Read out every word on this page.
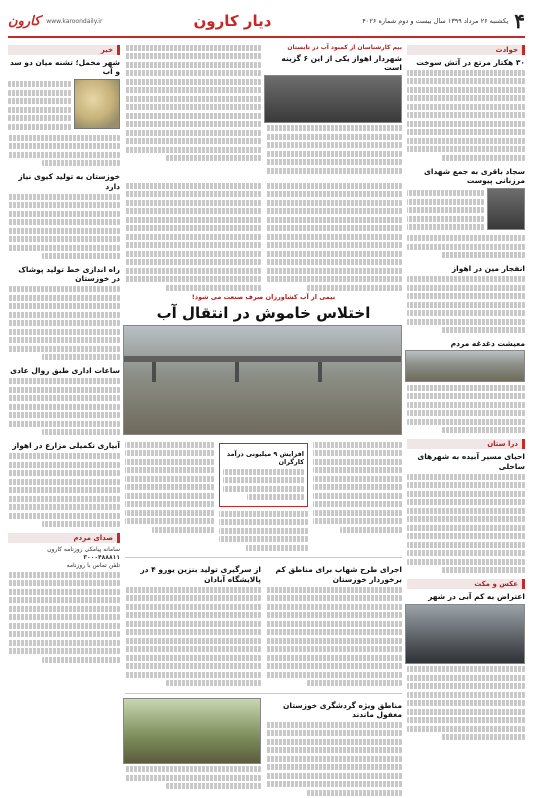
۴
یکشنبه ۲۶ مرداد ۱۳۹۹ سال بیست و دوم شماره ۴۰۲۶
دیار کارون
www.karoondaily.ir
کارون
حوادث
۳۰ هکتار مرتع در آتش سوخت
سجاد باقری به جمع شهدای مرزبانی پیوست
انفجار مین در اهواز
معیشت دغدغه مردم
درا ستان
احیای مسیر آبیده به شهرهای ساحلی
عکس و مکث
اعتراض به کم آبی در شهر
بیم کارشناسان از کمبود آب در تابستان
شهردار اهواز یکی از این ۶ گزینه است
نیمی از آب کشاورزان صرف صنعت می شود!
اختلاس خاموش در انتقال آب
افزایش ۹ میلیونی درآمد کارگران
اجرای طرح شهاب برای مناطق کم برخوردار خوزستان
از سرگیری تولید بنزین یورو ۴ در پالایشگاه آبادان
مناطق ویژه گردشگری خوزستان مغفول ماندند
خبر
شهر مخمل؛ تشنه میان دو سد و آب
خوزستان به تولید کیوی نیاز دارد
راه اندازی خط تولید پوشاک در خوزستان
ساعات اداری طبق روال عادی
آبیاری تکمیلی مزارع در اهواز
صدای مردم
سامانه پیامکی روزنامه کارون
۳۰۰۰۴۸۸۸۱۱
تلفن تماس با روزنامه
